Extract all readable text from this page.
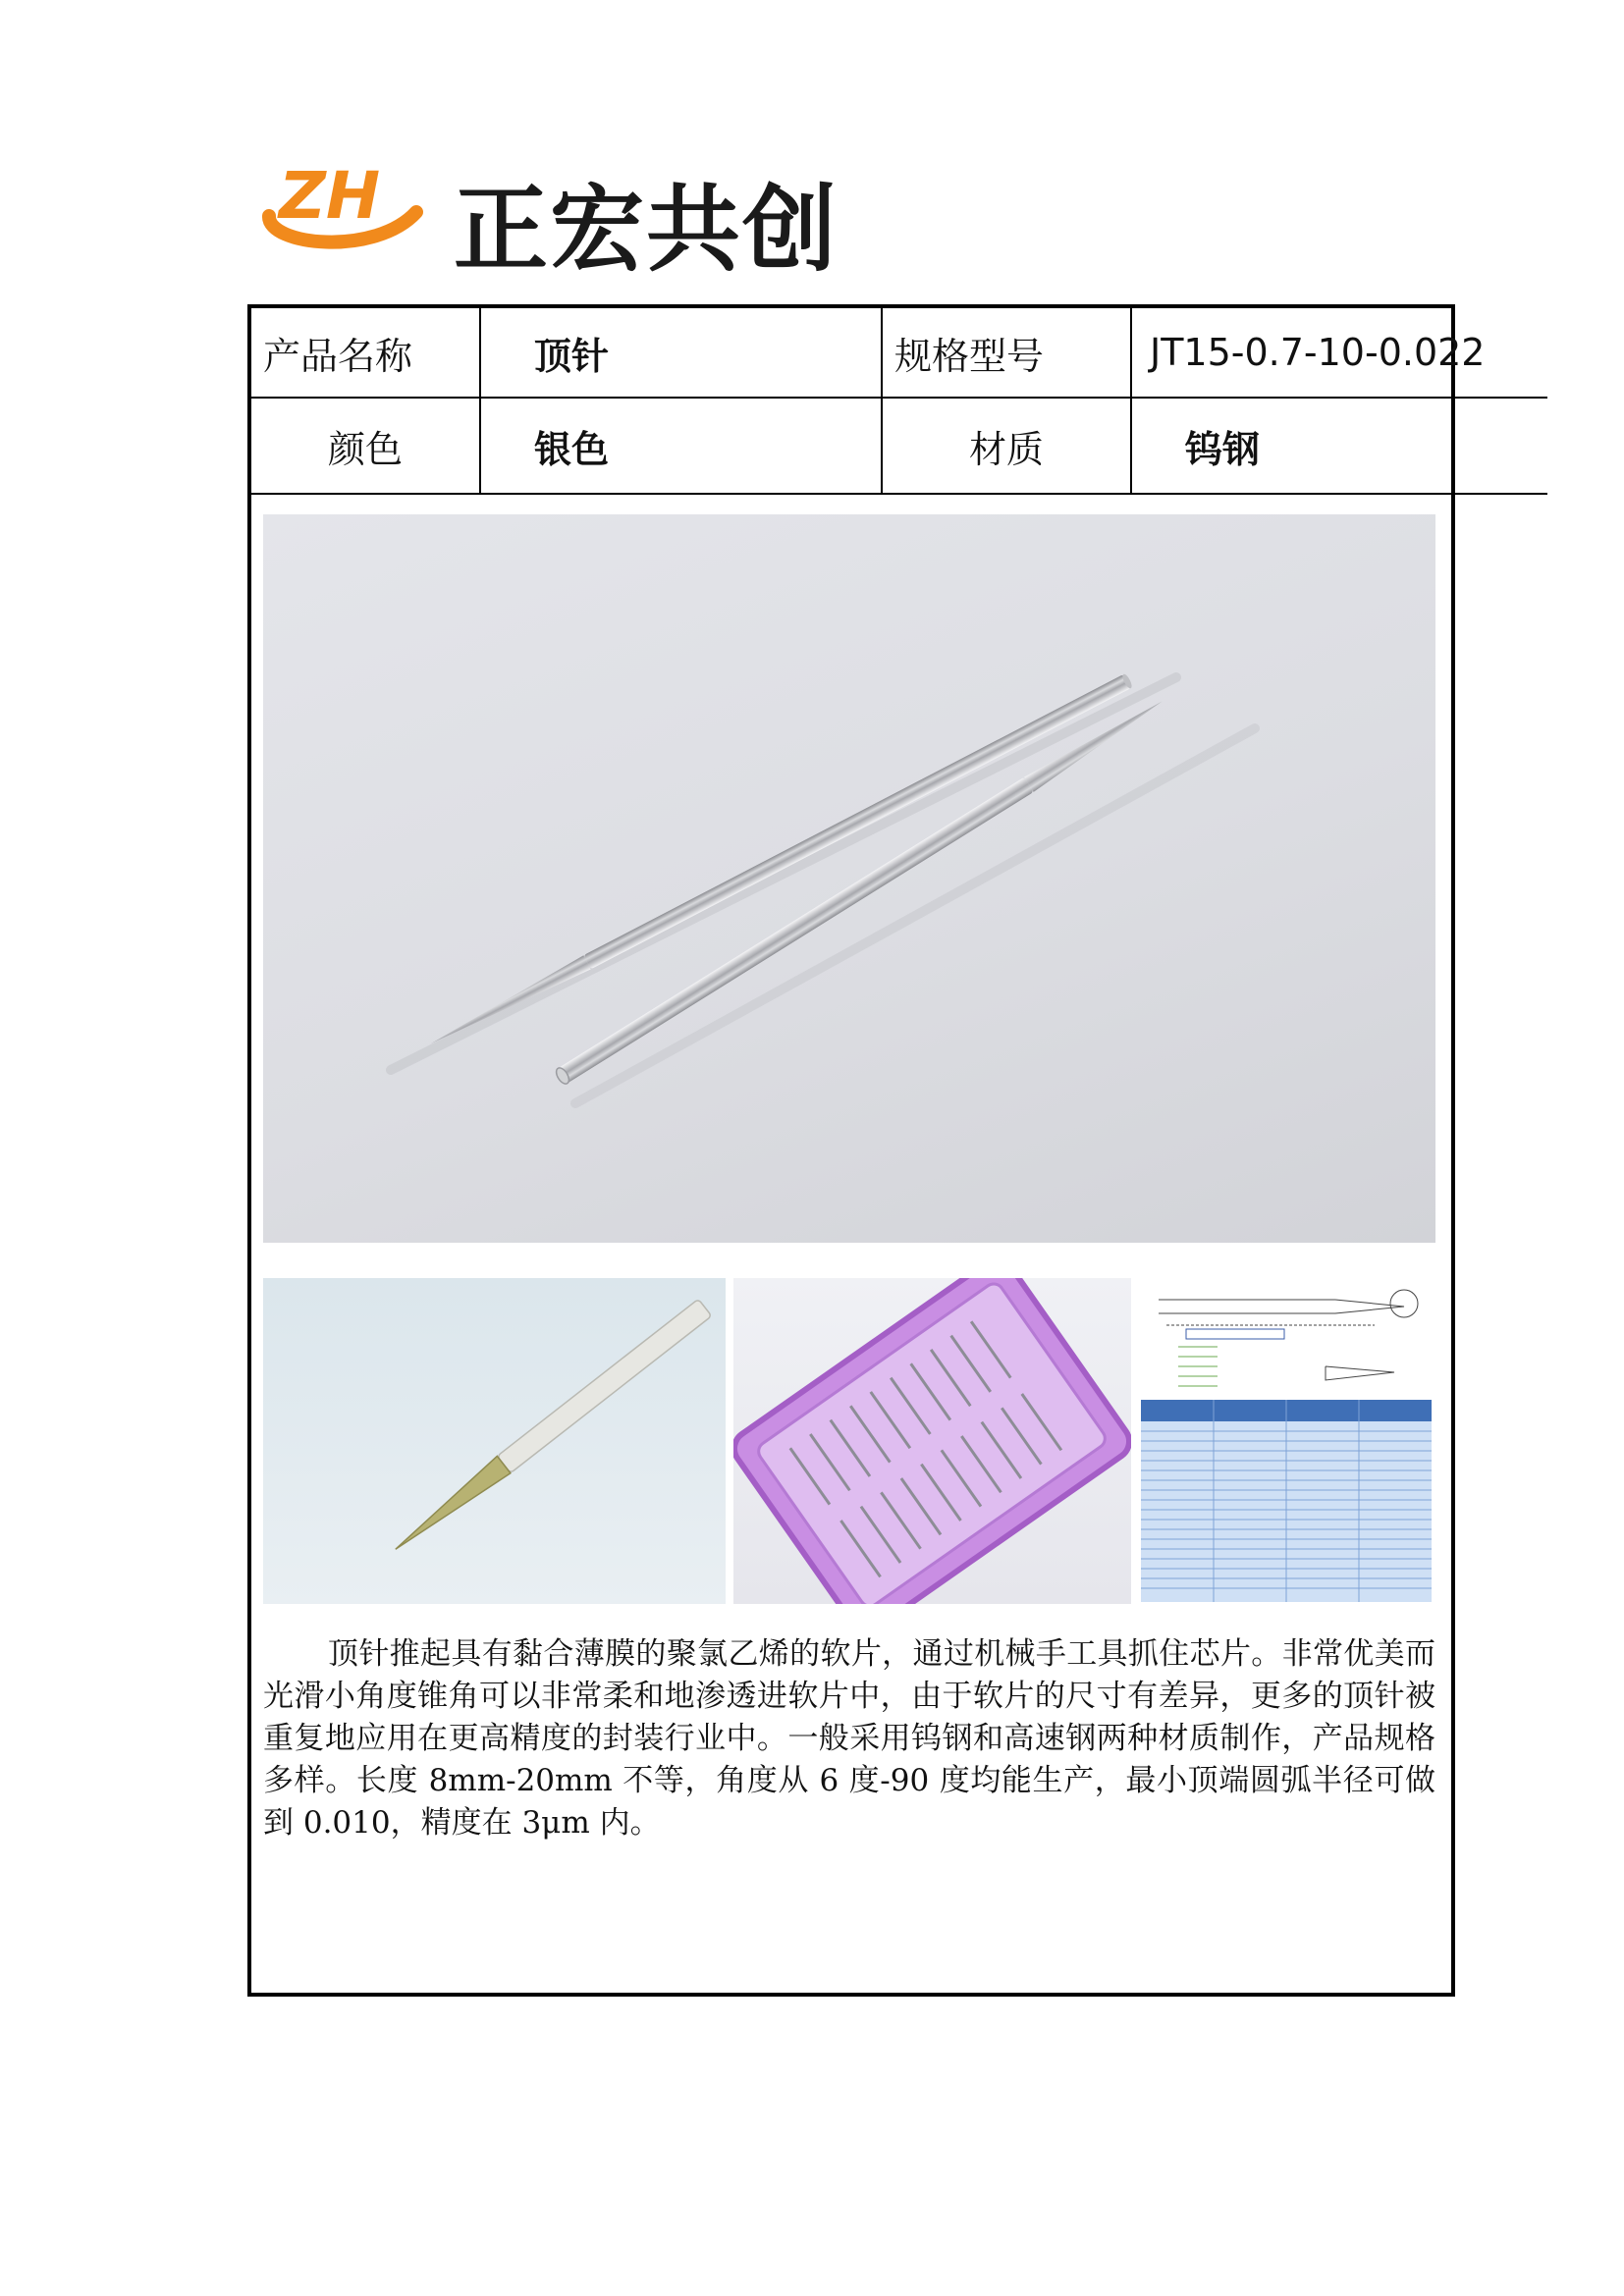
ZH 正宏共创
产品名称	顶针	规格型号	JT15-0.7-10-0.022
颜色	银色	材质	钨钢

顶针推起具有黏合薄膜的聚氯乙烯的软片，通过机械手工具抓住芯片。非常优美而光滑小角度锥角可以非常柔和地渗透进软片中，由于软片的尺寸有差异，更多的顶针被重复地应用在更高精度的封装行业中。一般采用钨钢和高速钢两种材质制作，产品规格多样。长度 8mm-20mm 不等，角度从 6 度-90 度均能生产，最小顶端圆弧半径可做到 0.010，精度在 3μm 内。
